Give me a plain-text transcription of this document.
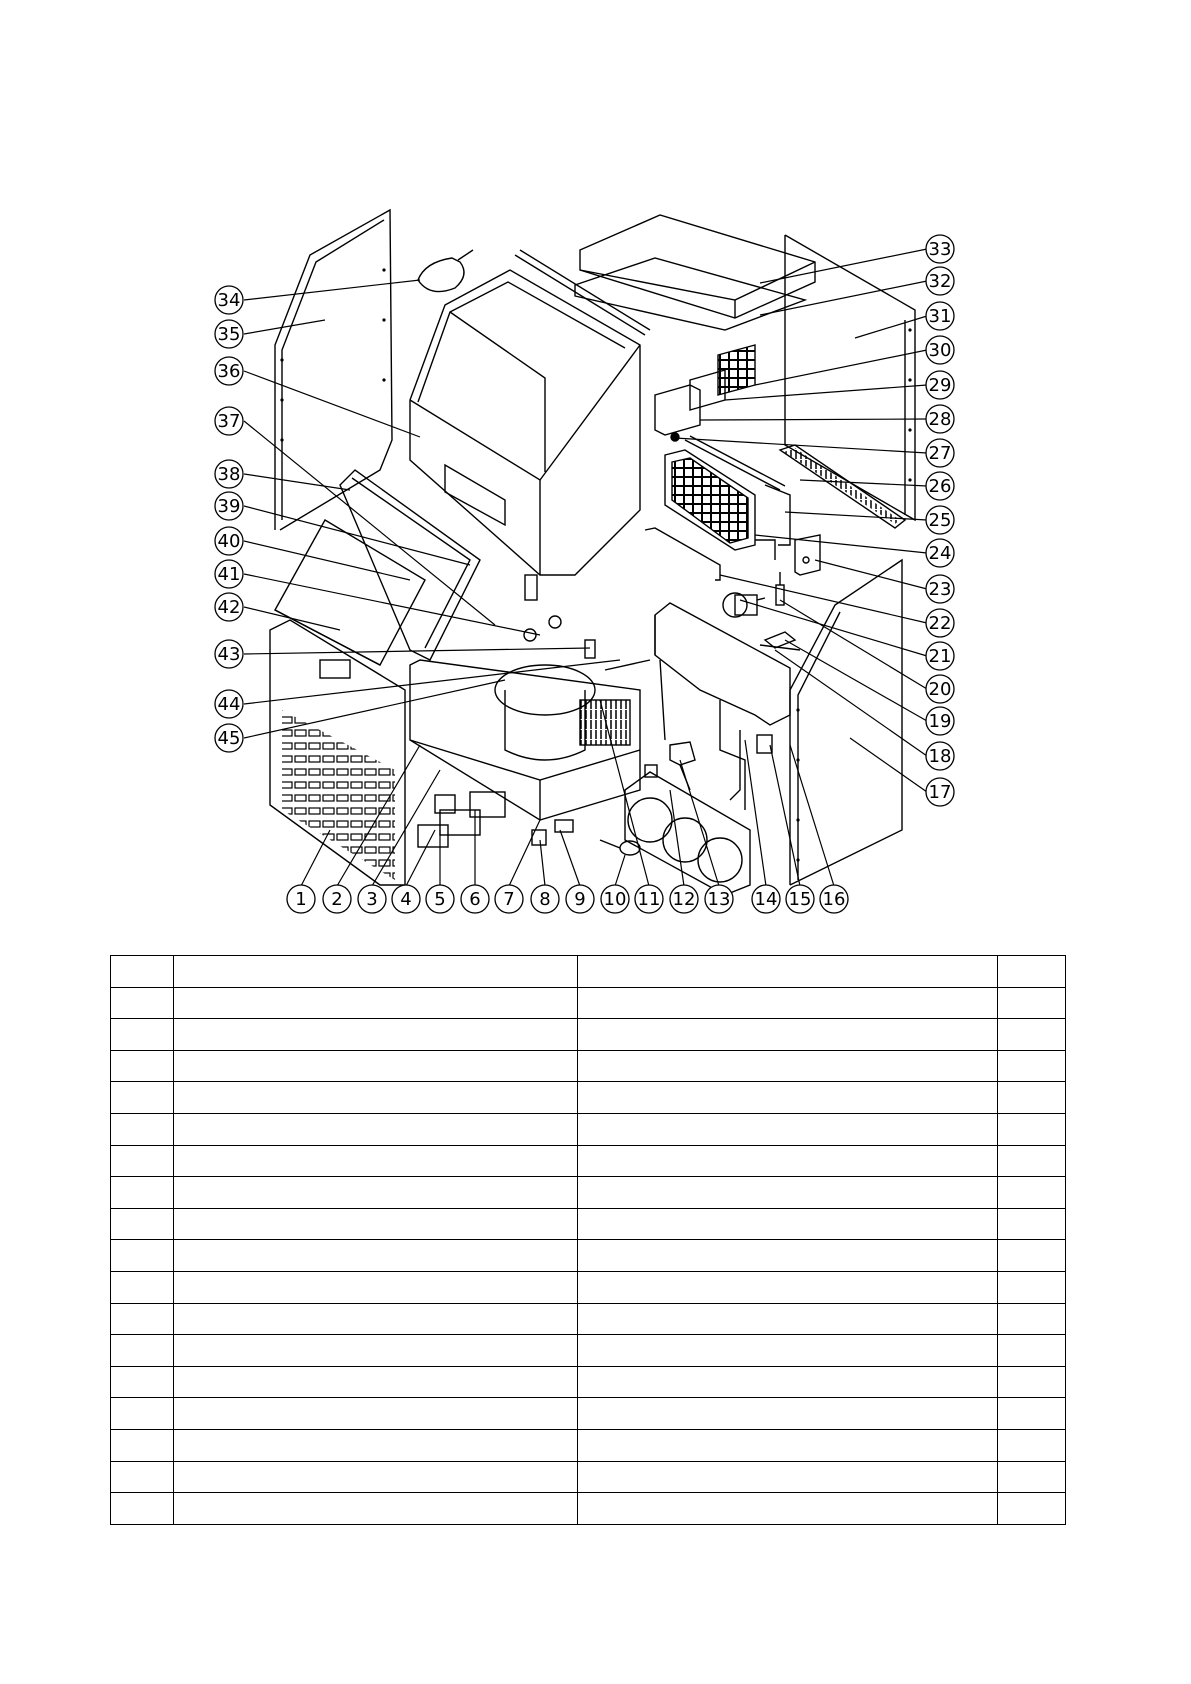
1 2 3 4 5 6 7 8 9 10 11 12 13 14 15 16
17
18
19
20
21
22
23
24
25
26
27
28
29
30
31
32
33
34
35
36
37
38
39
40
41
42
43
44
45
